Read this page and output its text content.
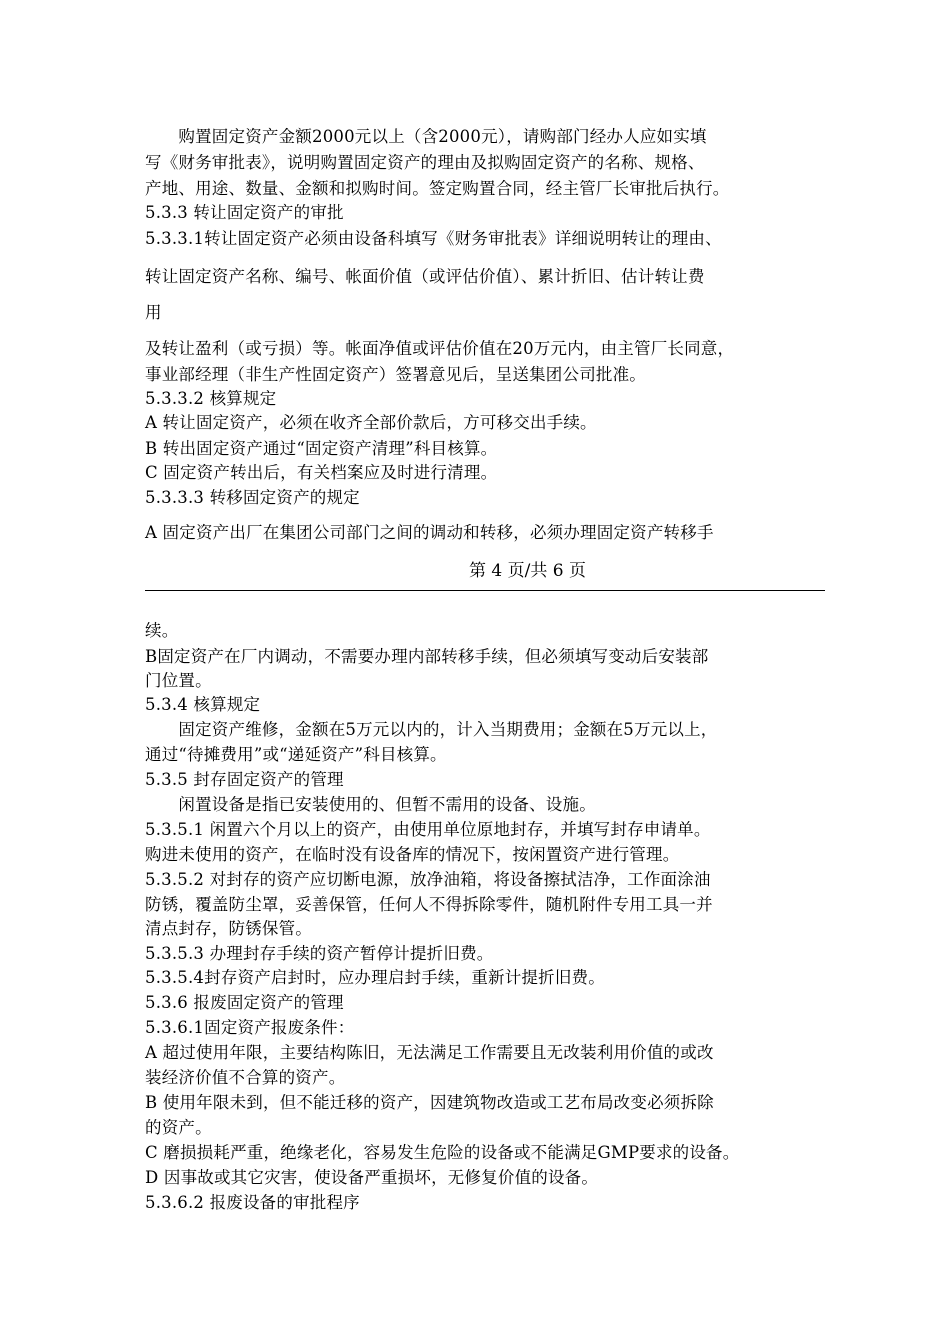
　　购置固定资产金额2000元以上（含2000元），请购部门经办人应如实填
写《财务审批表》，说明购置固定资产的理由及拟购固定资产的名称、规格、
产地、用途、数量、金额和拟购时间。签定购置合同，经主管厂长审批后执行。
5.3.3 转让固定资产的审批
5.3.3.1转让固定资产必须由设备科填写《财务审批表》详细说明转让的理由、
转让固定资产名称、编号、帐面价值（或评估价值）、累计折旧、估计转让费
用
及转让盈利（或亏损）等。帐面净值或评估价值在20万元内，由主管厂长同意，
事业部经理（非生产性固定资产）签署意见后，呈送集团公司批准。
5.3.3.2 核算规定
A 转让固定资产，必须在收齐全部价款后，方可移交出手续。
B 转出固定资产通过“固定资产清理”科目核算。
C 固定资产转出后，有关档案应及时进行清理。
5.3.3.3 转移固定资产的规定
A 固定资产出厂在集团公司部门之间的调动和转移，必须办理固定资产转移手
第 4 页/共 6 页
续。
B固定资产在厂内调动，不需要办理内部转移手续，但必须填写变动后安装部
门位置。
5.3.4 核算规定
　　固定资产维修，金额在5万元以内的，计入当期费用；金额在5万元以上，
通过“待摊费用”或“递延资产”科目核算。
5.3.5 封存固定资产的管理
　　闲置设备是指已安装使用的、但暂不需用的设备、设施。
5.3.5.1 闲置六个月以上的资产，由使用单位原地封存，并填写封存申请单。
购进未使用的资产，在临时没有设备库的情况下，按闲置资产进行管理。
5.3.5.2 对封存的资产应切断电源，放净油箱，将设备擦拭洁净，工作面涂油
防锈，覆盖防尘罩，妥善保管，任何人不得拆除零件，随机附件专用工具一并
清点封存，防锈保管。
5.3.5.3 办理封存手续的资产暂停计提折旧费。
5.3.5.4封存资产启封时，应办理启封手续，重新计提折旧费。
5.3.6 报废固定资产的管理
5.3.6.1固定资产报废条件：
A 超过使用年限，主要结构陈旧，无法满足工作需要且无改装利用价值的或改
装经济价值不合算的资产。
B 使用年限未到，但不能迁移的资产，因建筑物改造或工艺布局改变必须拆除
的资产。
C 磨损损耗严重，绝缘老化，容易发生危险的设备或不能满足GMP要求的设备。
D 因事故或其它灾害，使设备严重损坏，无修复价值的设备。
5.3.6.2 报废设备的审批程序
